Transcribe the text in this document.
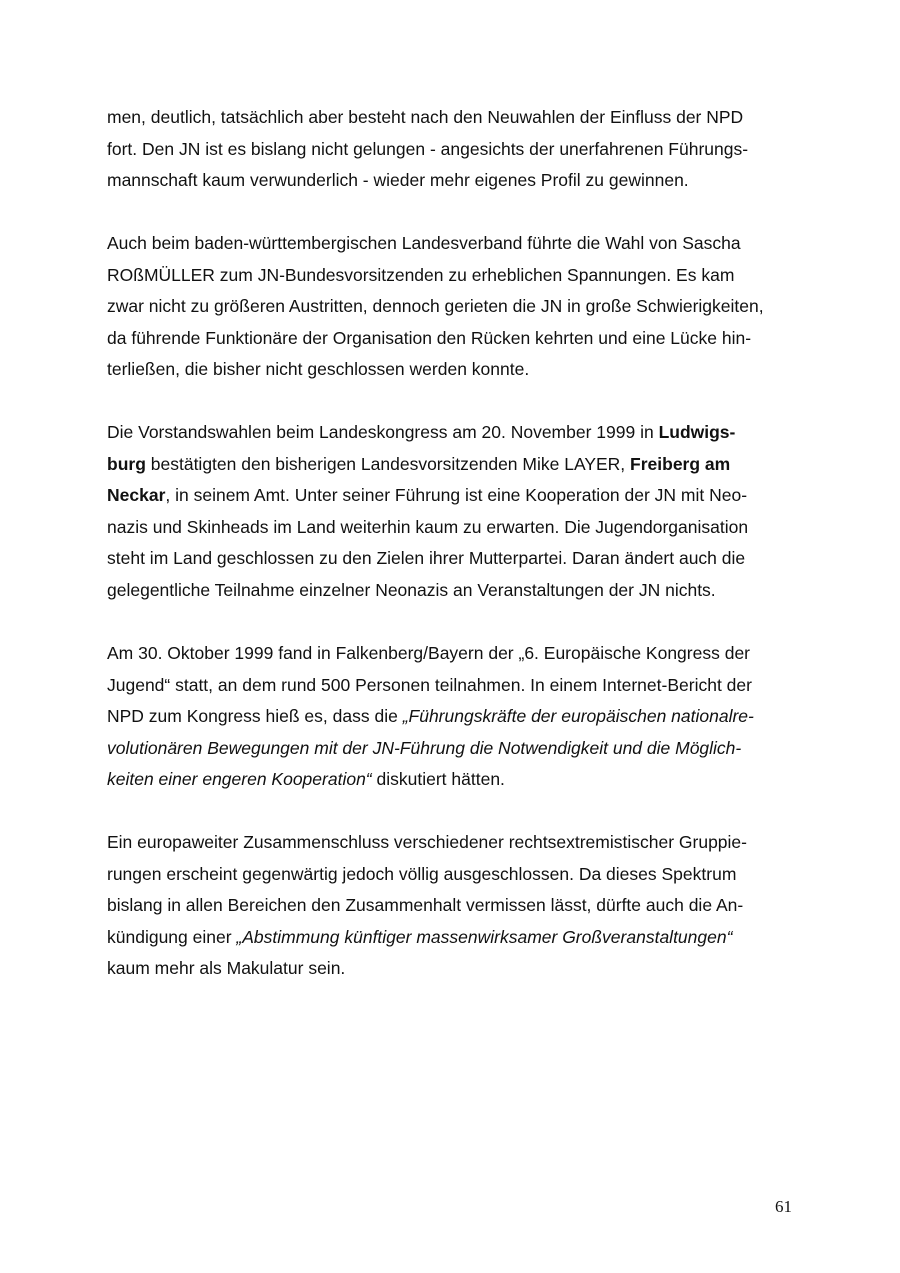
men, deutlich, tatsächlich aber besteht nach den Neuwahlen der Einfluss der NPD
fort. Den JN ist es bislang nicht gelungen - angesichts der unerfahrenen Führungs-
mannschaft kaum verwunderlich - wieder mehr eigenes Profil zu gewinnen.
Auch beim baden-württembergischen Landesverband führte die Wahl von Sascha
ROßMÜLLER zum JN-Bundesvorsitzenden zu erheblichen Spannungen. Es kam
zwar nicht zu größeren Austritten, dennoch gerieten die JN in große Schwierigkeiten,
da führende Funktionäre der Organisation den Rücken kehrten und eine Lücke hin-
terließen, die bisher nicht geschlossen werden konnte.
Die Vorstandswahlen beim Landeskongress am 20. November 1999 in Ludwigs-
burg bestätigten den bisherigen Landesvorsitzenden Mike LAYER, Freiberg am
Neckar, in seinem Amt. Unter seiner Führung ist eine Kooperation der JN mit Neo-
nazis und Skinheads im Land weiterhin kaum zu erwarten. Die Jugendorganisation
steht im Land geschlossen zu den Zielen ihrer Mutterpartei. Daran ändert auch die
gelegentliche Teilnahme einzelner Neonazis an Veranstaltungen der JN nichts.
Am 30. Oktober 1999 fand in Falkenberg/Bayern der „6. Europäische Kongress der
Jugend“ statt, an dem rund 500 Personen teilnahmen. In einem Internet-Bericht der
NPD zum Kongress hieß es, dass die „Führungskräfte der europäischen nationalre-
volutionären Bewegungen mit der JN-Führung die Notwendigkeit und die Möglich-
keiten einer engeren Kooperation“ diskutiert hätten.
Ein europaweiter Zusammenschluss verschiedener rechtsextremistischer Gruppie-
rungen erscheint gegenwärtig jedoch völlig ausgeschlossen. Da dieses Spektrum
bislang in allen Bereichen den Zusammenhalt vermissen lässt, dürfte auch die An-
kündigung einer „Abstimmung künftiger massenwirksamer Großveranstaltungen“
kaum mehr als Makulatur sein.
61
